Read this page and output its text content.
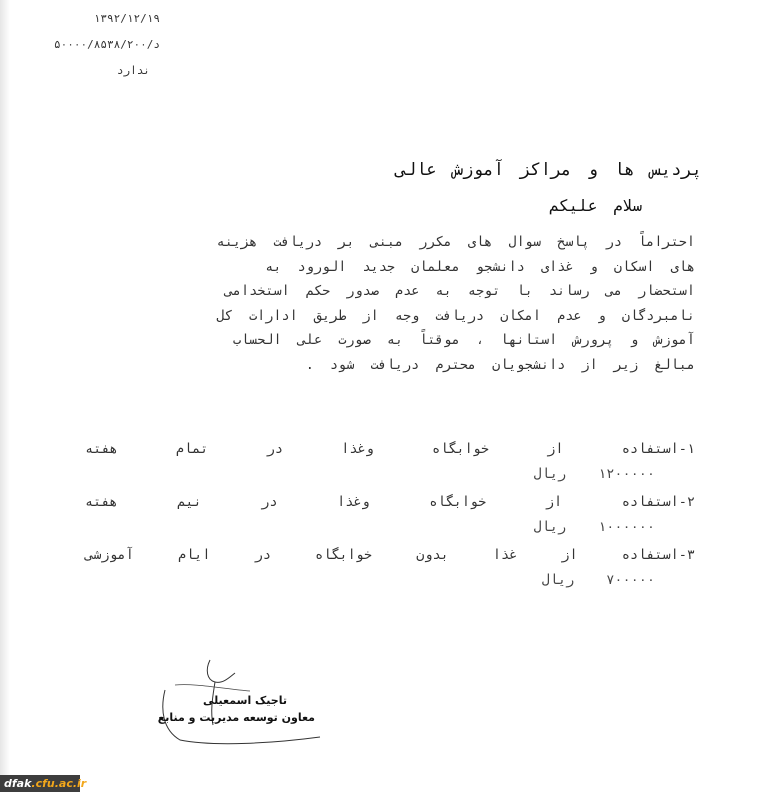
۱۳۹۲/۱۲/۱۹
د/۵۰۰۰۰/۸۵۳۸/۲۰۰
ندارد
پردیس ها و مراکز آموزش عالی
سلام علیکم
احتراماً در پاسخ سوال های مکرر مبنی بر دریافت هزینه
های اسکان و غذای دانشجو معلمان جدید الورود به
استحضار می رساند با توجه به عدم صدور حکم استخدامی
نامبردگان و عدم امکان دریافت وجه از طریق ادارات کل
آموزش و پرورش استانها ، موقتاً به صورت علی الحساب
مبالغ زیر از دانشجویان محترم دریافت شود .
۱-استفاده
از
خوابگاه
وغذا
در
تمام
هفته
۱۲۰۰۰۰۰
ریال
۲-استفاده
از
خوابگاه
وغذا
در
نیم
هفته
۱۰۰۰۰۰۰
ریال
۳-استفاده
از
غذا
بدون
خوابگاه
در
ایام
آموزشی
۷۰۰۰۰۰
ریال
تاجیک اسمعیلی
معاون توسعه مدیریت و منابع
dfak.cfu.ac.ir
